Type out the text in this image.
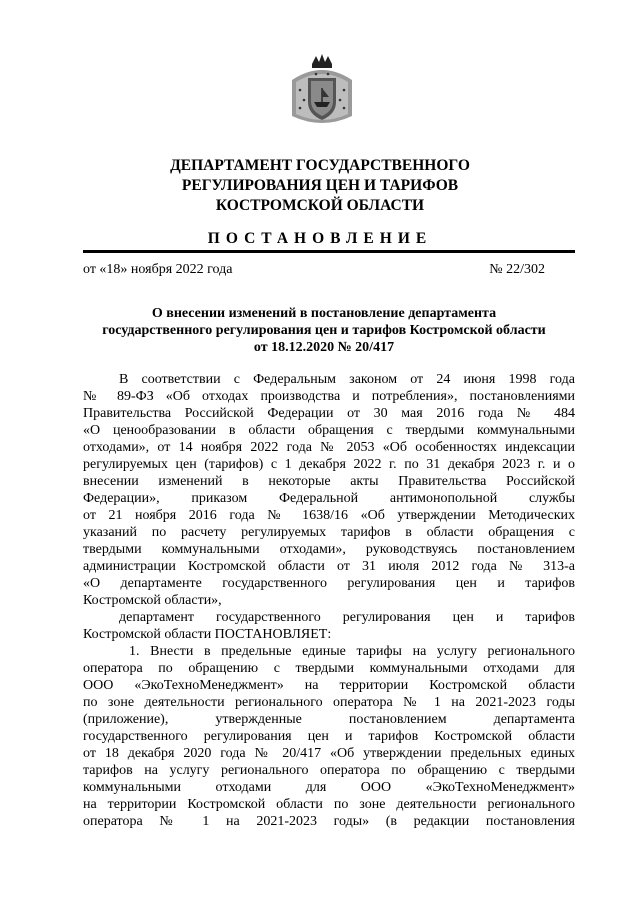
ДЕПАРТАМЕНТ ГОСУДАРСТВЕННОГО
РЕГУЛИРОВАНИЯ ЦЕН И ТАРИФОВ
КОСТРОМСКОЙ ОБЛАСТИ
ПОСТАНОВЛЕНИЕ
от «18» ноября 2022 года	№ 22/302
О внесении изменений в постановление департамента
государственного регулирования цен и тарифов Костромской области
от 18.12.2020 № 20/417
В соответствии с Федеральным законом от 24 июня 1998 года
№ 89-ФЗ «Об отходах производства и потребления», постановлениями
Правительства Российской Федерации от 30 мая 2016 года № 484
«О ценообразовании в области обращения с твердыми коммунальными
отходами», от 14 ноября 2022 года № 2053 «Об особенностях индексации
регулируемых цен (тарифов) с 1 декабря 2022 г. по 31 декабря 2023 г. и о
внесении изменений в некоторые акты Правительства Российской
Федерации», приказом Федеральной антимонопольной службы
от 21 ноября 2016 года № 1638/16 «Об утверждении Методических
указаний по расчету регулируемых тарифов в области обращения с
твердыми коммунальными отходами», руководствуясь постановлением
администрации Костромской области от 31 июля 2012 года № 313-а
«О департаменте государственного регулирования цен и тарифов
Костромской области»,
департамент государственного регулирования цен и тарифов
Костромской области ПОСТАНОВЛЯЕТ:
1. Внести в предельные единые тарифы на услугу регионального
оператора по обращению с твердыми коммунальными отходами для
ООО «ЭкоТехноМенеджмент» на территории Костромской области
по зоне деятельности регионального оператора № 1 на 2021-2023 годы
(приложение), утвержденные постановлением департамента
государственного регулирования цен и тарифов Костромской области
от 18 декабря 2020 года № 20/417 «Об утверждении предельных единых
тарифов на услугу регионального оператора по обращению с твердыми
коммунальными отходами для ООО «ЭкоТехноМенеджмент»
на территории Костромской области по зоне деятельности регионального
оператора № 1 на 2021-2023 годы» (в редакции постановления
